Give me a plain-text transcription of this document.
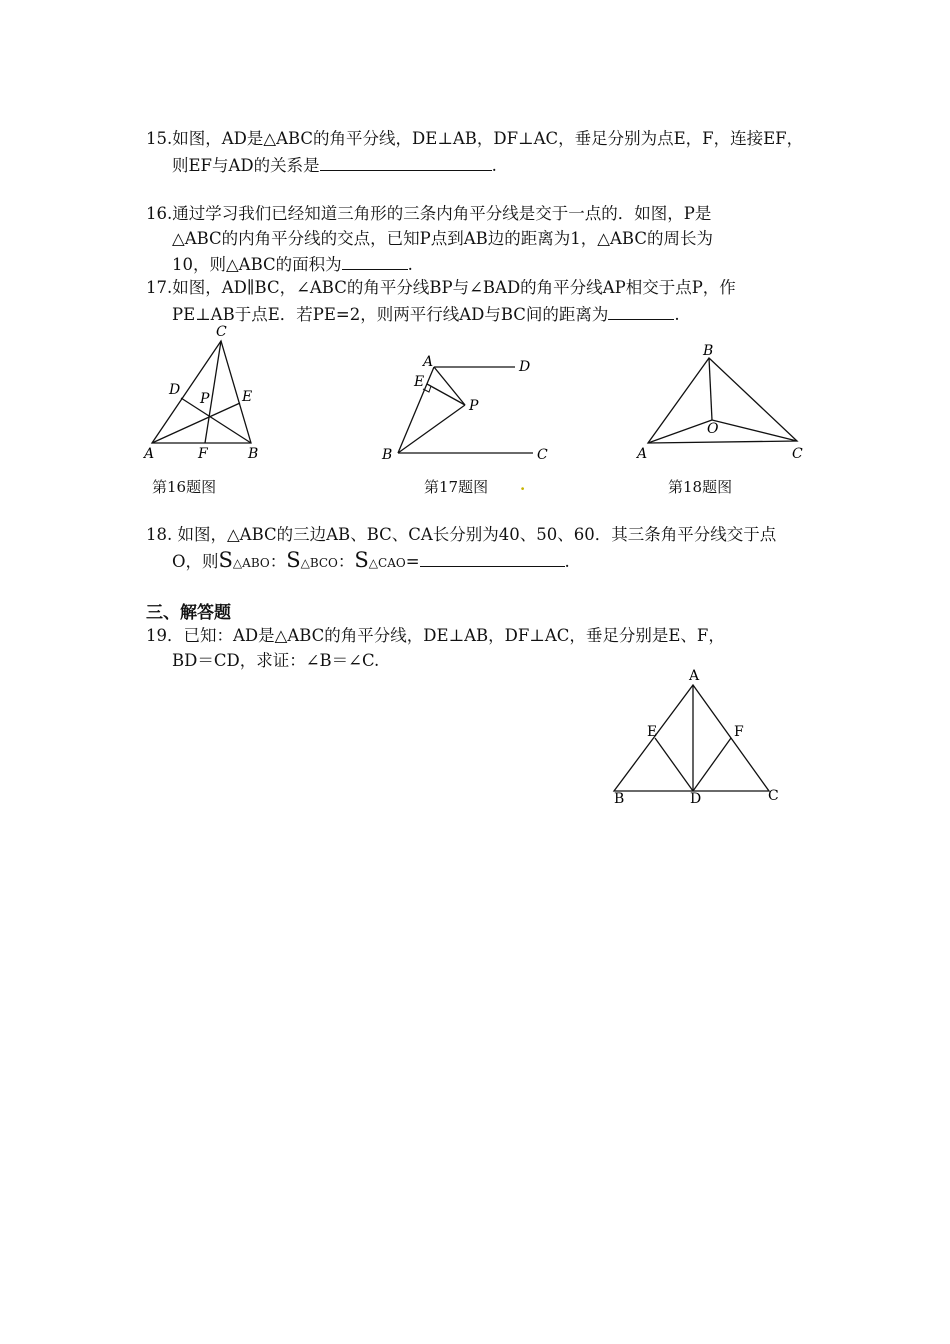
15.如图，AD是△ABC的角平分线，DE⊥AB，DF⊥AC，垂足分别为点E，F，连接EF，
则EF与AD的关系是	.
16.通过学习我们已经知道三角形的三条内角平分线是交于一点的．如图，P是
△ABC的内角平分线的交点，已知P点到AB边的距离为1，△ABC的周长为
10，则△ABC的面积为	.
17.如图，AD∥BC，∠ABC的角平分线BP与∠BAD的角平分线AP相交于点P，作
PE⊥AB于点E．若PE=2，则两平行线AD与BC间的距离为	.
C
D	E
P
A	F	B
第16题图
A
E
D
P
B	C
第17题图 .
B
O
A	C
第18题图
18. 如图，△ABC的三边AB、BC、CA长分别为40、50、60．其三条角平分线交于点
O，则S△ABO：S△BCO：S△CAO=	.
三、解答题
19．已知：AD是△ABC的角平分线，DE⊥AB，DF⊥AC，垂足分别是E、F，
BD＝CD，求证：∠B＝∠C.
A
E	F
B	D	C
